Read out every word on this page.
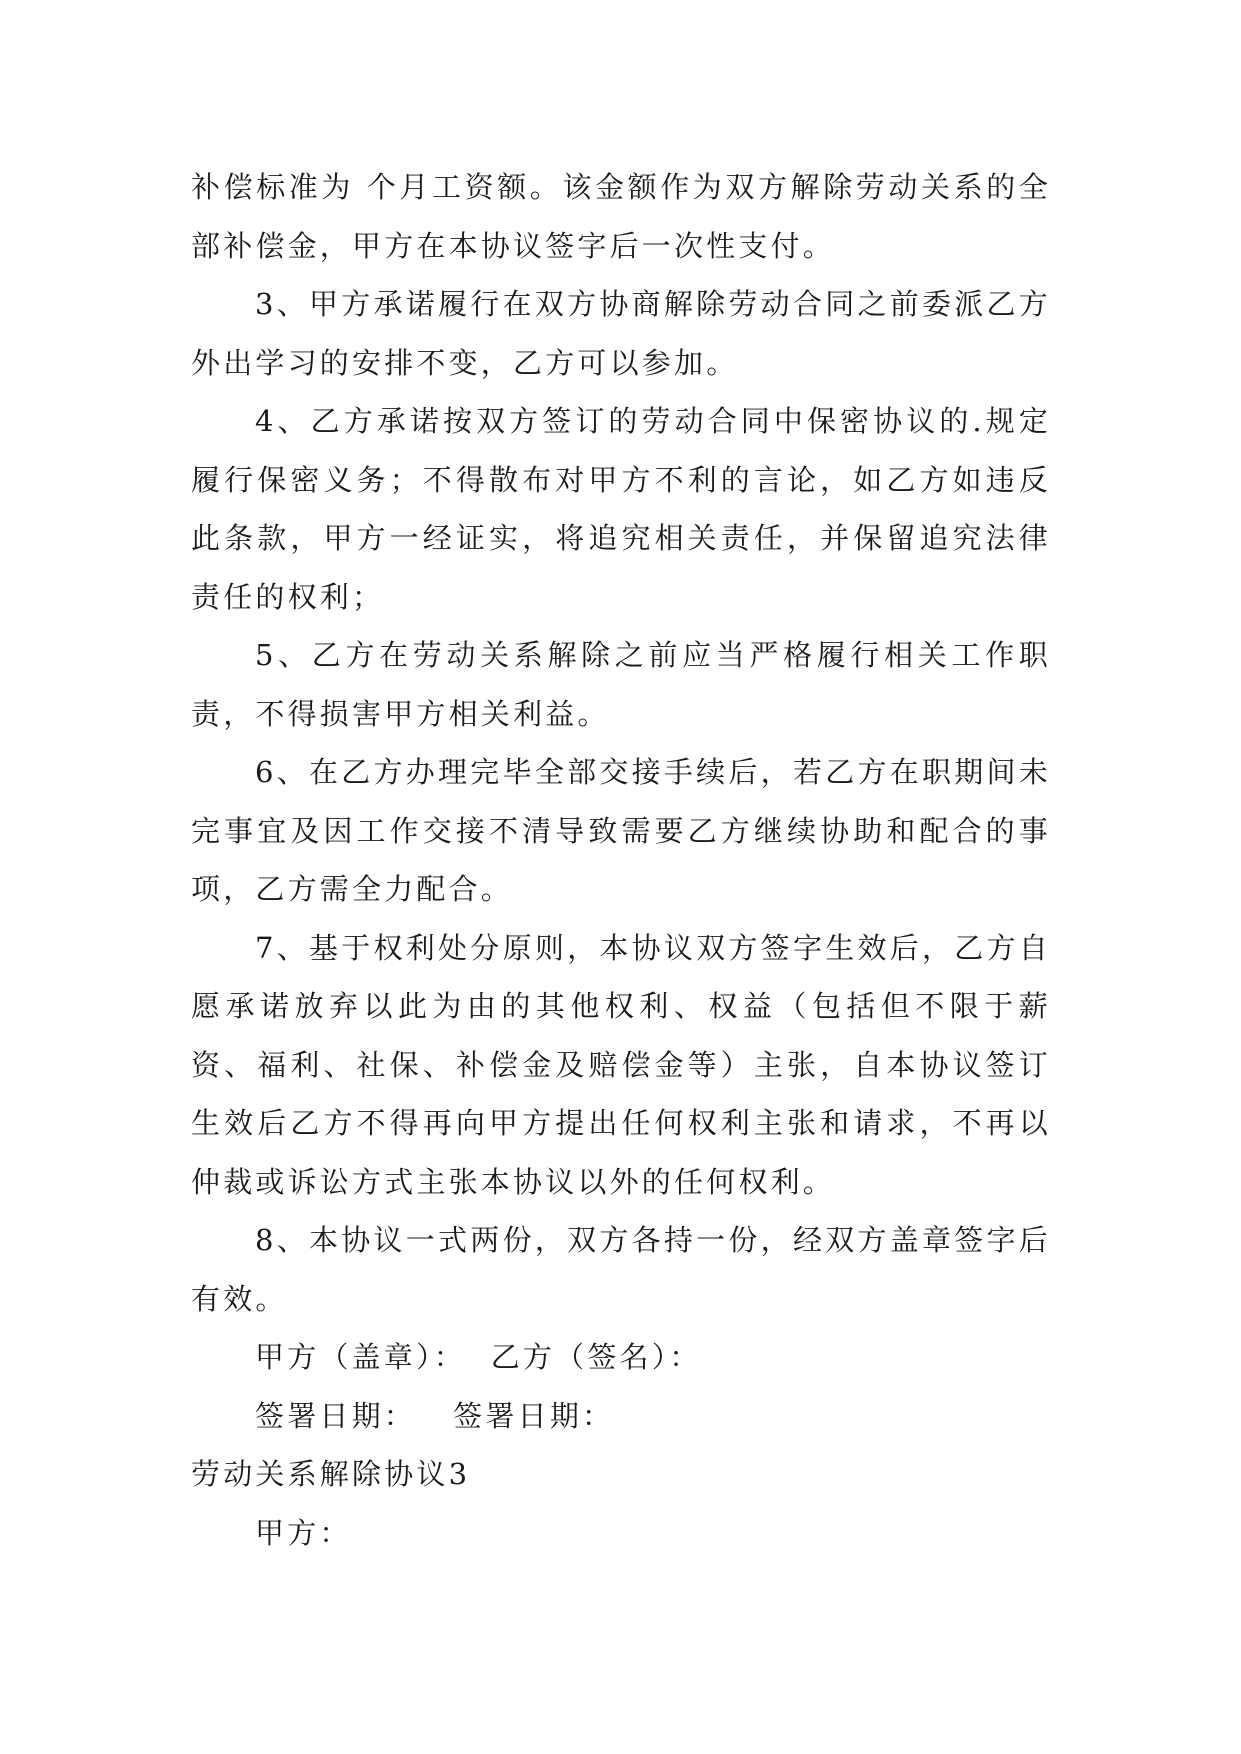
补偿标准为 个月工资额。该金额作为双方解除劳动关系的全部补偿金，甲方在本协议签字后一次性支付。

3、甲方承诺履行在双方协商解除劳动合同之前委派乙方外出学习的安排不变，乙方可以参加。

4、乙方承诺按双方签订的劳动合同中保密协议的.规定履行保密义务；不得散布对甲方不利的言论，如乙方如违反此条款，甲方一经证实，将追究相关责任，并保留追究法律责任的权利；

5、乙方在劳动关系解除之前应当严格履行相关工作职责，不得损害甲方相关利益。

6、在乙方办理完毕全部交接手续后，若乙方在职期间未完事宜及因工作交接不清导致需要乙方继续协助和配合的事项，乙方需全力配合。

7、基于权利处分原则，本协议双方签字生效后，乙方自愿承诺放弃以此为由的其他权利、权益（包括但不限于薪资、福利、社保、补偿金及赔偿金等）主张，自本协议签订生效后乙方不得再向甲方提出任何权利主张和请求，不再以仲裁或诉讼方式主张本协议以外的任何权利。

8、本协议一式两份，双方各持一份，经双方盖章签字后有效。

甲方（盖章）：  乙方（签名）：

签署日期：   签署日期：

劳动关系解除协议3

甲方：
